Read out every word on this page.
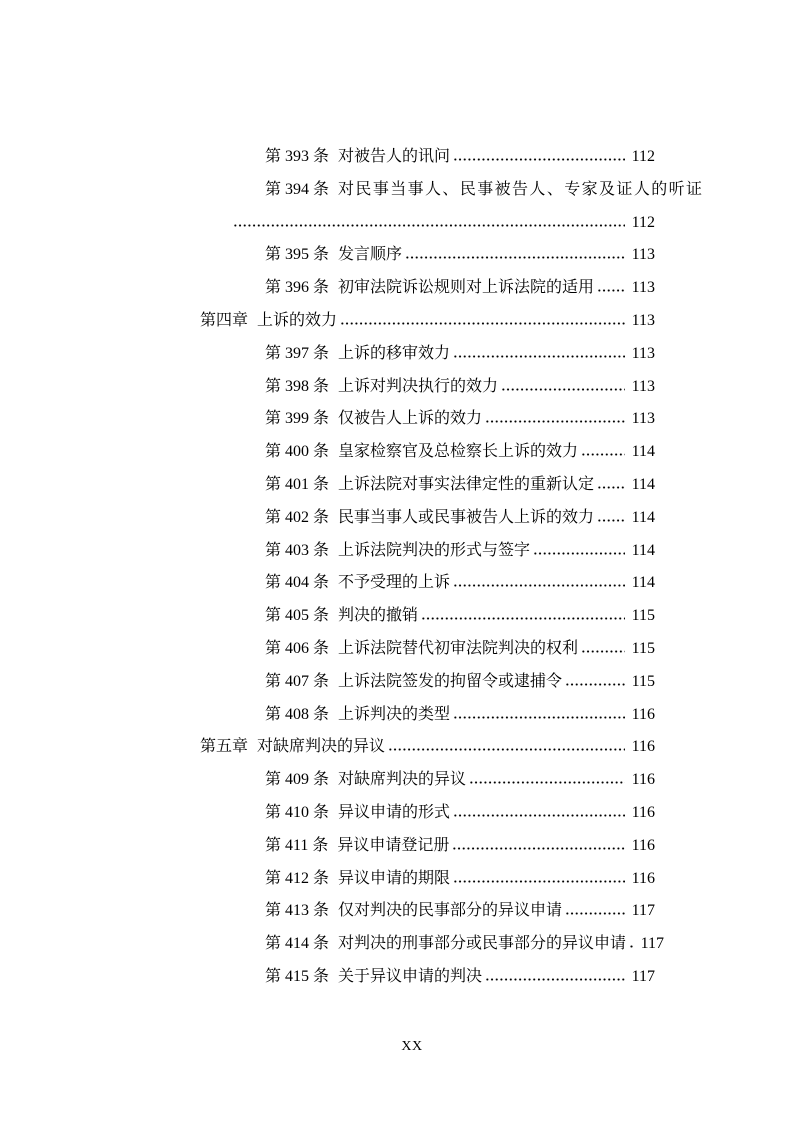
第 393 条 对被告人的讯问	112
第 394 条 对民事当事人、民事被告人、专家及证人的听证
112
第 395 条 发言顺序	113
第 396 条 初审法院诉讼规则对上诉法院的适用 113
第四章 上诉的效力	113
第 397 条 上诉的移审效力	113
第 398 条 上诉对判决执行的效力	113
第 399 条 仅被告人上诉的效力	113
第 400 条 皇家检察官及总检察长上诉的效力	114
第 401 条 上诉法院对事实法律定性的重新认定 114
第 402 条 民事当事人或民事被告人上诉的效力 114
第 403 条 上诉法院判决的形式与签字	114
第 404 条 不予受理的上诉	114
第 405 条 判决的撤销	115
第 406 条 上诉法院替代初审法院判决的权利	115
第 407 条 上诉法院签发的拘留令或逮捕令	115
第 408 条 上诉判决的类型	116
第五章 对缺席判决的异议	116
第 409 条 对缺席判决的异议	116
第 410 条 异议申请的形式	116
第 411 条 异议申请登记册	116
第 412 条 异议申请的期限	116
第 413 条 仅对判决的民事部分的异议申请	117
第 414 条 对判决的刑事部分或民事部分的异议申请 117
第 415 条 关于异议申请的判决	117
XX
